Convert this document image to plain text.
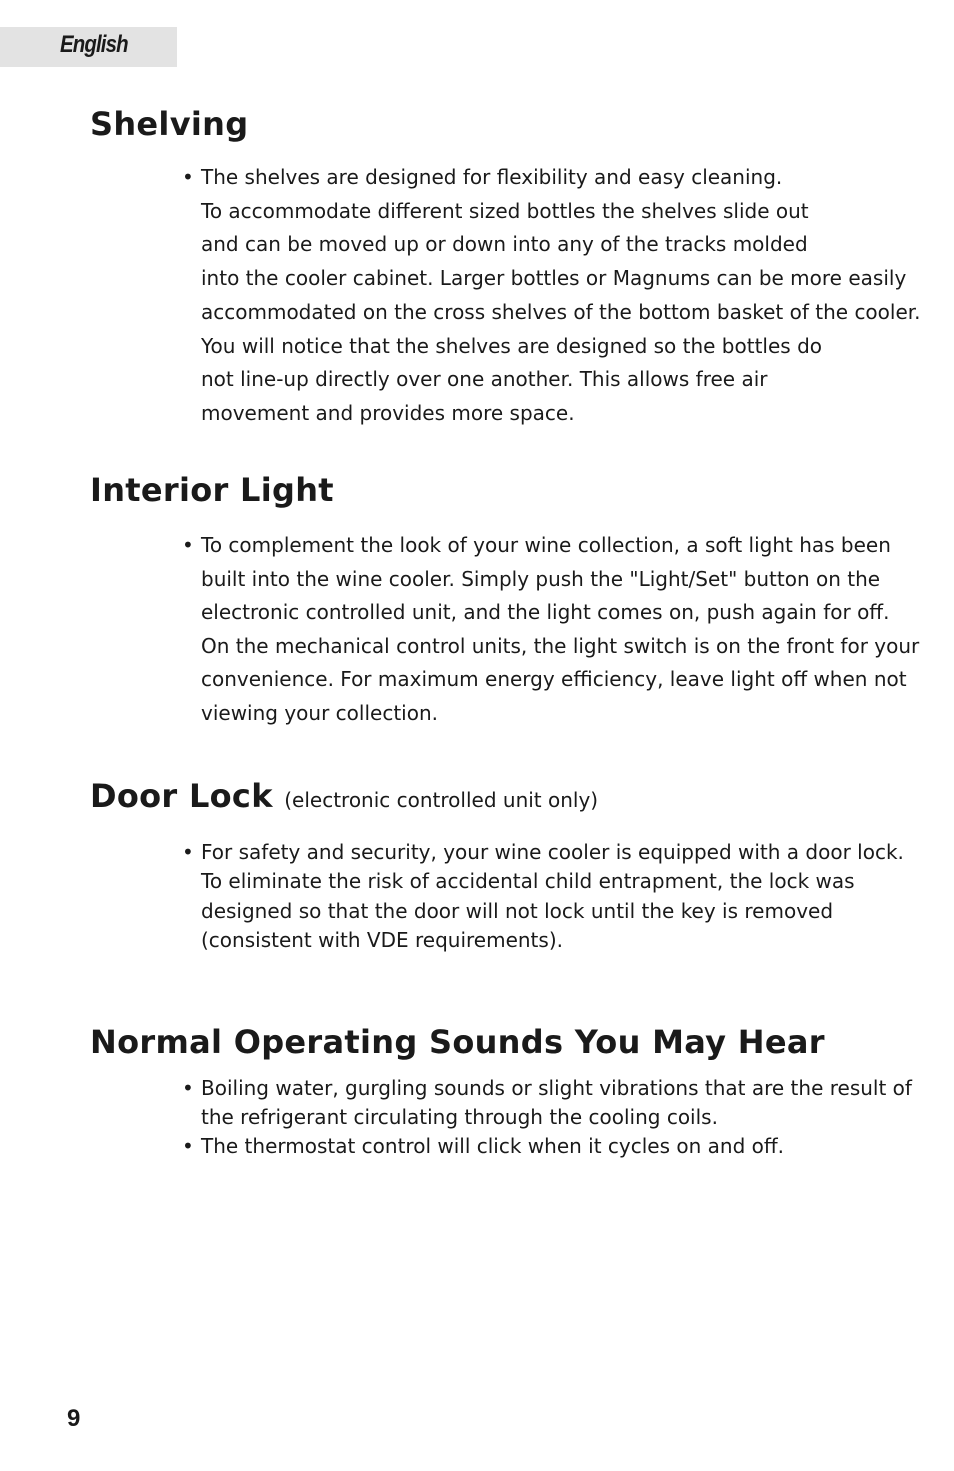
English
Shelving

• The shelves are designed for flexibility and easy cleaning.
To accommodate different sized bottles the shelves slide out
and can be moved up or down into any of the tracks molded
into the cooler cabinet. Larger bottles or Magnums can be more easily
accommodated on the cross shelves of the bottom basket of the cooler.
You will notice that the shelves are designed so the bottles do
not line-up directly over one another. This allows free air
movement and provides more space.

Interior Light

• To complement the look of your wine collection, a soft light has been
built into the wine cooler. Simply push the "Light/Set" button on the
electronic controlled unit, and the light comes on, push again for off.
On the mechanical control units, the light switch is on the front for your
convenience. For maximum energy efficiency, leave light off when not
viewing your collection.

Door Lock (electronic controlled unit only)

• For safety and security, your wine cooler is equipped with a door lock.
To eliminate the risk of accidental child entrapment, the lock was
designed so that the door will not lock until the key is removed
(consistent with VDE requirements).

Normal Operating Sounds You May Hear

• Boiling water, gurgling sounds or slight vibrations that are the result of
the refrigerant circulating through the cooling coils.

• The thermostat control will click when it cycles on and off.

9
